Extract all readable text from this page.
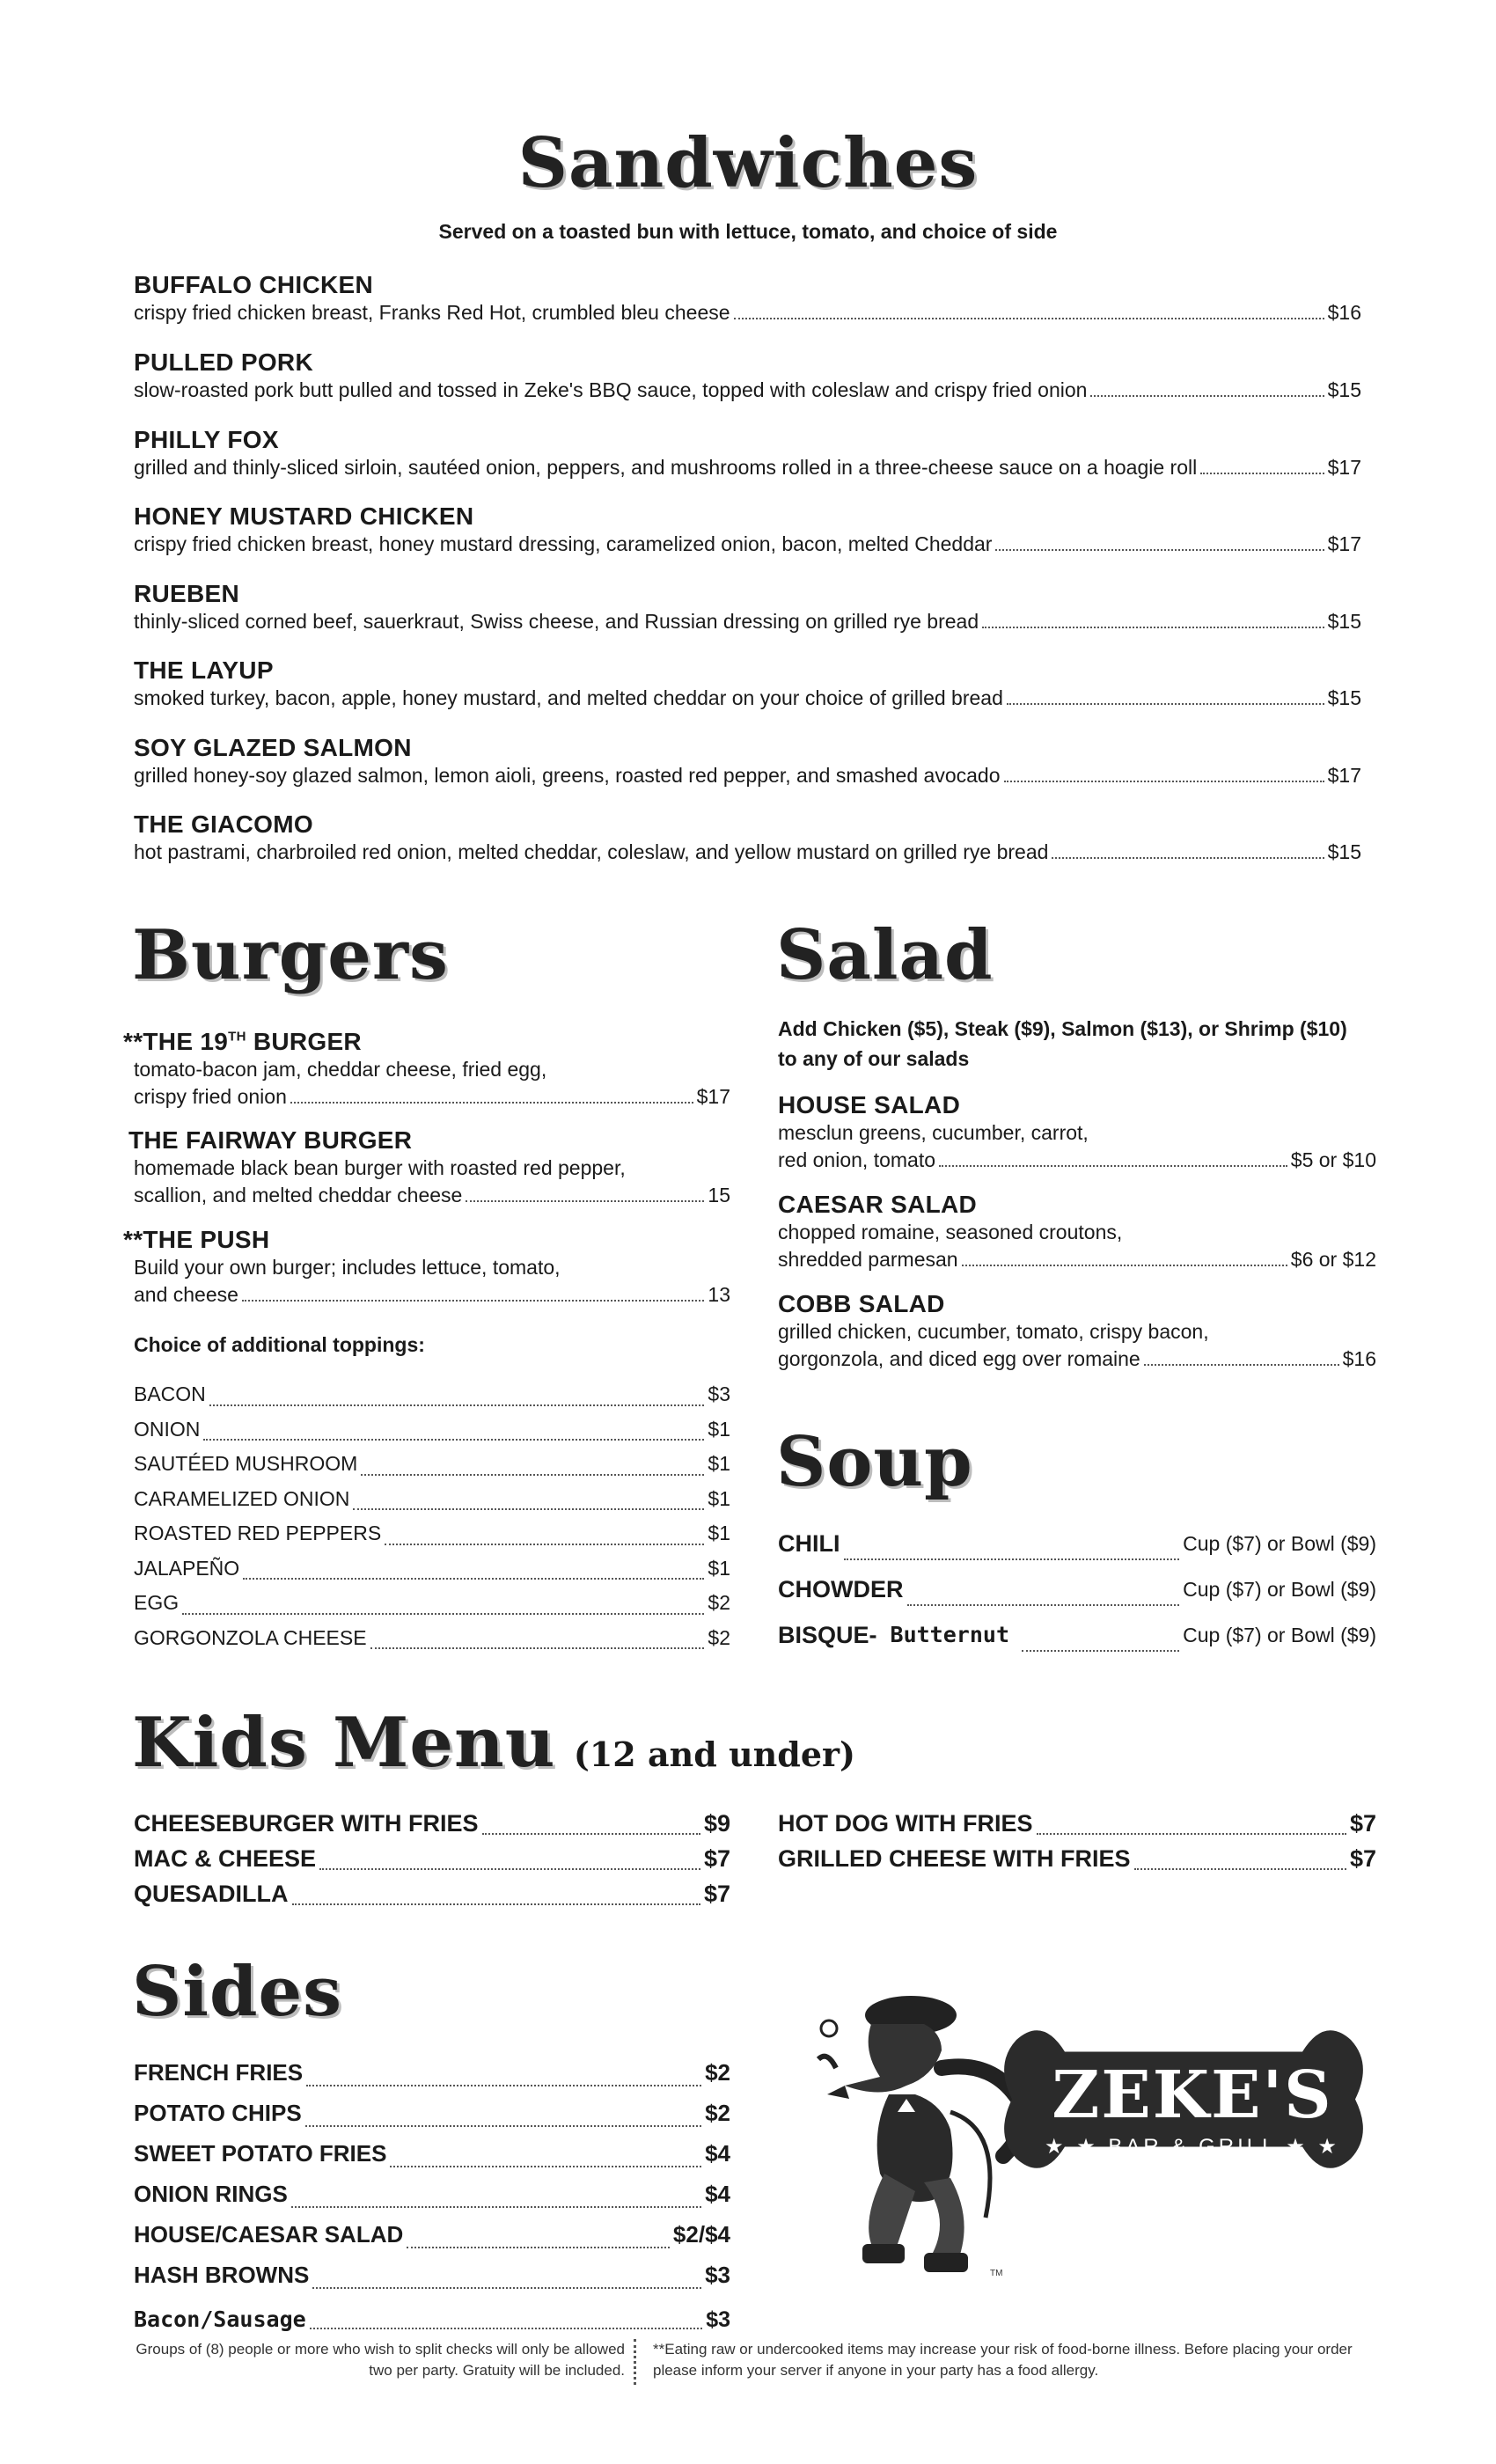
Sandwiches
Served on a toasted bun with lettuce, tomato, and choice of side
BUFFALO CHICKEN
crispy fried chicken breast, Franks Red Hot, crumbled bleu cheese	$16
PULLED PORK
slow-roasted pork butt pulled and tossed in Zeke's BBQ sauce, topped with coleslaw and crispy fried onion	$15
PHILLY FOX
grilled and thinly-sliced sirloin, sautéed onion, peppers, and mushrooms rolled in a three-cheese sauce on a hoagie roll	$17
HONEY MUSTARD CHICKEN
crispy fried chicken breast, honey mustard dressing, caramelized onion, bacon, melted Cheddar	$17
RUEBEN
thinly-sliced corned beef, sauerkraut, Swiss cheese, and Russian dressing on grilled rye bread	$15
THE LAYUP
smoked turkey, bacon, apple, honey mustard, and melted cheddar on your choice of grilled bread	$15
SOY GLAZED SALMON
grilled honey-soy glazed salmon, lemon aioli, greens, roasted red pepper, and smashed avocado	$17
THE GIACOMO
hot pastrami, charbroiled red onion, melted cheddar, coleslaw, and yellow mustard on grilled rye bread	$15
Burgers
**THE 19TH BURGER
tomato-bacon jam, cheddar cheese, fried egg,
crispy fried onion	$17
THE FAIRWAY BURGER
homemade black bean burger with roasted red pepper,
scallion, and melted cheddar cheese	15
**THE PUSH
Build your own burger; includes lettuce, tomato,
and cheese	13
Choice of additional toppings:
BACON	$3
ONION	$1
SAUTÉED MUSHROOM	$1
CARAMELIZED ONION	$1
ROASTED RED PEPPERS	$1
JALAPEÑO	$1
EGG	$2
GORGONZOLA CHEESE	$2
Salad
Add Chicken ($5), Steak ($9), Salmon ($13), or Shrimp ($10)
to any of our salads
HOUSE SALAD
mesclun greens, cucumber, carrot,
red onion, tomato	$5 or $10
CAESAR SALAD
chopped romaine, seasoned croutons,
shredded parmesan	$6 or $12
COBB SALAD
grilled chicken, cucumber, tomato, crispy bacon,
gorgonzola, and diced egg over romaine	$16
Soup
CHILI	Cup ($7) or Bowl ($9)
CHOWDER	Cup ($7) or Bowl ($9)
BISQUE-
Butternut	Cup ($7) or Bowl ($9)
Kids Menu (12 and under)
CHEESEBURGER WITH FRIES	$9
MAC & CHEESE	$7
QUESADILLA	$7
HOT DOG WITH FRIES	$7
GRILLED CHEESE WITH FRIES	$7
Sides
FRENCH FRIES	$2
POTATO CHIPS	$2
SWEET POTATO FRIES	$4
ONION RINGS	$4
HOUSE/CAESAR SALAD	$2/$4
HASH BROWNS	$3
Bacon/Sausage	$3
ZEKE'S
★ ★ BAR & GRILL ★ ★
TM
Groups of (8) people or more who wish to split checks will only be allowed two per party. Gratuity will be included.
**Eating raw or undercooked items may increase your risk of food-borne illness. Before placing your order please inform your server if anyone in your party has a food allergy.
